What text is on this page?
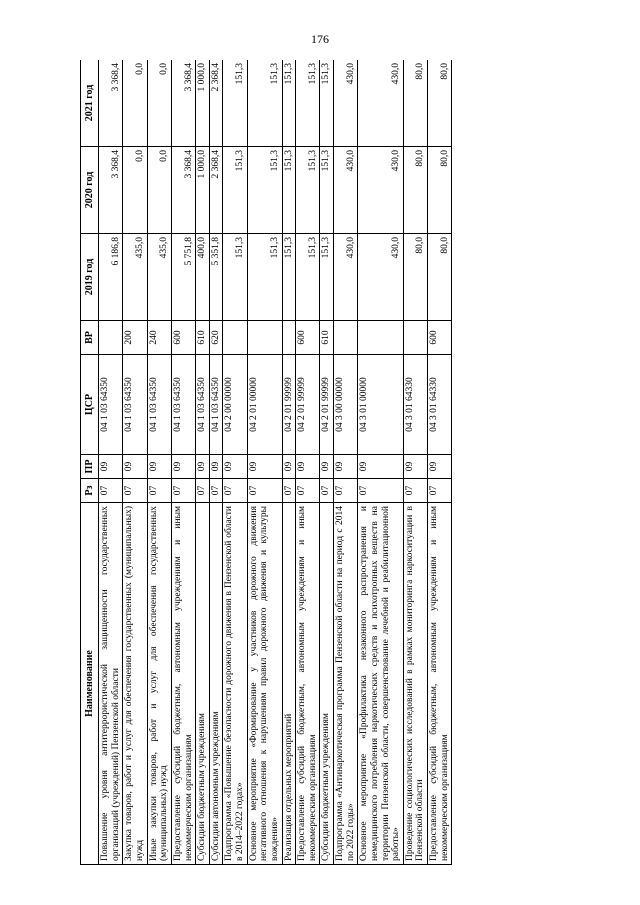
176
Наименование	Рз	ПР	ЦСР	ВР	2019 год	2020 год	2021 год
Повышение уровня антитеррористической защищенности государственных организаций (учреждений) Пензенской области	07	09	04 1 03 64350		6 186,8	3 368,4	3 368,4
Закупка товаров, работ и услуг для обеспечения государственных (муниципальных) нужд	07	09	04 1 03 64350	200	435,0	0,0	0,0
Иные закупки товаров, работ и услуг для обеспечения государственных (муниципальных) нужд	07	09	04 1 03 64350	240	435,0	0,0	0,0
Предоставление субсидий бюджетным, автономным учреждениям и иным некоммерческим организациям	07	09	04 1 03 64350	600	5 751,8	3 368,4	3 368,4
Субсидии бюджетным учреждениям	07	09	04 1 03 64350	610	400,0	1 000,0	1 000,0
Субсидии автономным учреждениям	07	09	04 1 03 64350	620	5 351,8	2 368,4	2 368,4
Подпрограмма «Повышение безопасности дорожного движения в Пензенской области в 2014–2022 годах»	07	09	04 2 00 00000		151,3	151,3	151,3
Основное мероприятие «Формирование у участников дорожного движения негативного отношения к нарушениям правил дорожного движения и культуры вождения»	07	09	04 2 01 00000		151,3	151,3	151,3
Реализация отдельных мероприятий	07	09	04 2 01 99999		151,3	151,3	151,3
Предоставление субсидий бюджетным, автономным учреждениям и иным некоммерческим организациям	07	09	04 2 01 99999	600	151,3	151,3	151,3
Субсидии бюджетным учреждениям	07	09	04 2 01 99999	610	151,3	151,3	151,3
Подпрограмма «Антинаркотическая программа Пензенской области на период с 2014 по 2022 годы»	07	09	04 3 00 00000		430,0	430,0	430,0
Основное мероприятие «Профилактика незаконного распространения и немедицинского потребления наркотических средств и психотропных веществ на территории Пензенской области, совершенствование лечебной и реабилитационной работы»	07	09	04 3 01 00000		430,0	430,0	430,0
Проведение социологических исследований в рамках мониторинга наркоситуации в Пензенской области	07	09	04 3 01 64330		80,0	80,0	80,0
Предоставление субсидий бюджетным, автономным учреждениям и иным некоммерческим организациям	07	09	04 3 01 64330	600	80,0	80,0	80,0
